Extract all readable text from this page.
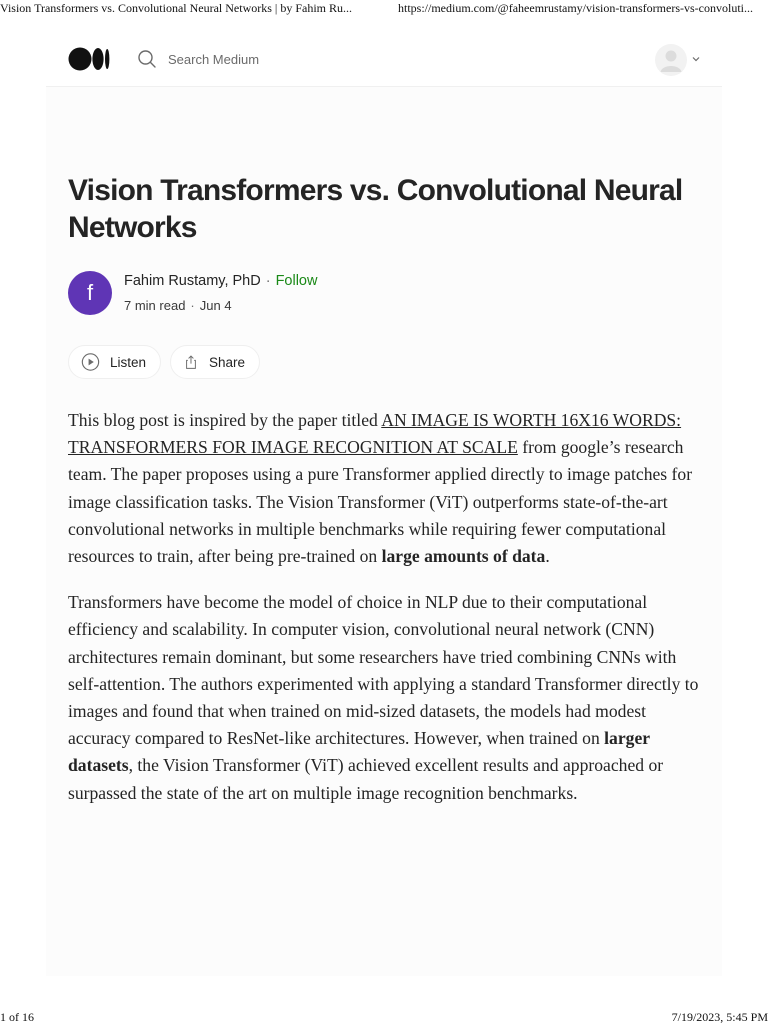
Vision Transformers vs. Convolutional Neural Networks | by Fahim Ru...	https://medium.com/@faheemrustamy/vision-transformers-vs-convoluti...
Search Medium
Vision Transformers vs. Convolutional Neural Networks
f	Fahim Rustamy, PhD · Follow
7 min read · Jun 4
Listen	Share

This blog post is inspired by the paper titled AN IMAGE IS WORTH 16X16 WORDS: TRANSFORMERS FOR IMAGE RECOGNITION AT SCALE from google’s research team. The paper proposes using a pure Transformer applied directly to image patches for image classification tasks. The Vision Transformer (ViT) outperforms state-of-the-art convolutional networks in multiple benchmarks while requiring fewer computational resources to train, after being pre-trained on large amounts of data.

Transformers have become the model of choice in NLP due to their computational efficiency and scalability. In computer vision, convolutional neural network (CNN) architectures remain dominant, but some researchers have tried combining CNNs with self-attention. The authors experimented with applying a standard Transformer directly to images and found that when trained on mid-sized datasets, the models had modest accuracy compared to ResNet-like architectures. However, when trained on larger datasets, the Vision Transformer (ViT) achieved excellent results and approached or surpassed the state of the art on multiple image recognition benchmarks.

1 of 16	7/19/2023, 5:45 PM
